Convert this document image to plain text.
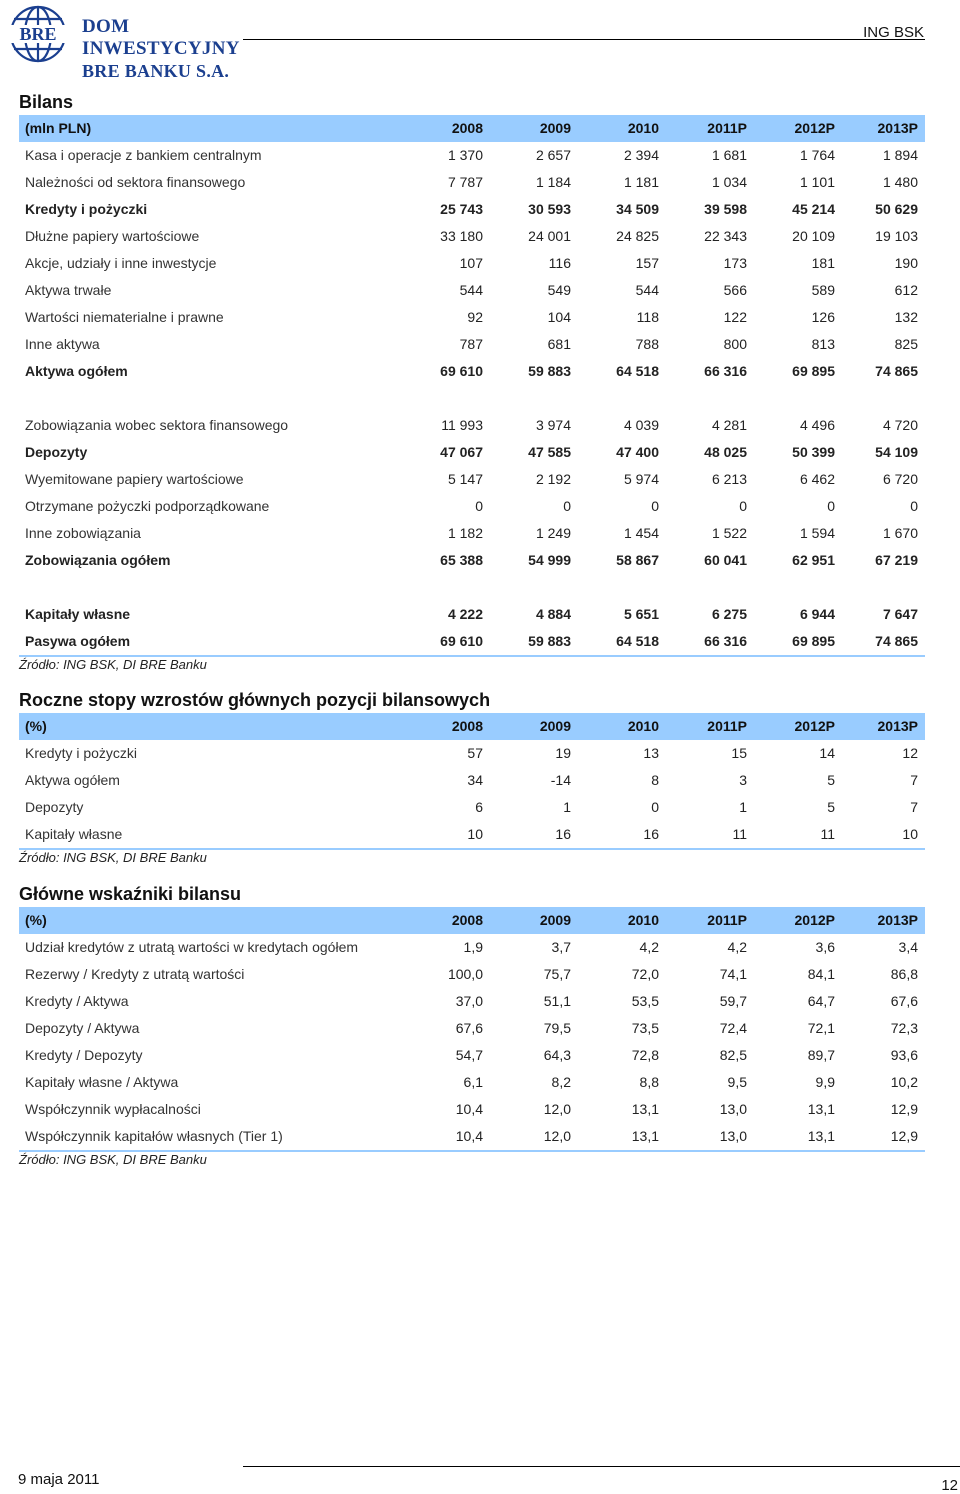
BRE DOM INWESTYCYJNY
BRE BANKU S.A.
ING BSK
Bilans
(mln PLN)	2008	2009	2010	2011P	2012P	2013P
Kasa i operacje z bankiem centralnym	1 370	2 657	2 394	1 681	1 764	1 894
Należności od sektora finansowego	7 787	1 184	1 181	1 034	1 101	1 480
Kredyty i pożyczki	25 743	30 593	34 509	39 598	45 214	50 629
Dłużne papiery wartościowe	33 180	24 001	24 825	22 343	20 109	19 103
Akcje, udziały i inne inwestycje	107	116	157	173	181	190
Aktywa trwałe	544	549	544	566	589	612
Wartości niematerialne i prawne	92	104	118	122	126	132
Inne aktywa	787	681	788	800	813	825
Aktywa ogółem	69 610	59 883	64 518	66 316	69 895	74 865

Zobowiązania wobec sektora finansowego	11 993	3 974	4 039	4 281	4 496	4 720
Depozyty	47 067	47 585	47 400	48 025	50 399	54 109
Wyemitowane papiery wartościowe	5 147	2 192	5 974	6 213	6 462	6 720
Otrzymane pożyczki podporządkowane	0	0	0	0	0	0
Inne zobowiązania	1 182	1 249	1 454	1 522	1 594	1 670
Zobowiązania ogółem	65 388	54 999	58 867	60 041	62 951	67 219

Kapitały własne	4 222	4 884	5 651	6 275	6 944	7 647
Pasywa ogółem	69 610	59 883	64 518	66 316	69 895	74 865
Źródło: ING BSK, DI BRE Banku
Roczne stopy wzrostów głównych pozycji bilansowych
(%)	2008	2009	2010	2011P	2012P	2013P
Kredyty i pożyczki	57	19	13	15	14	12
Aktywa ogółem	34	-14	8	3	5	7
Depozyty	6	1	0	1	5	7
Kapitały własne	10	16	16	11	11	10
Źródło: ING BSK, DI BRE Banku
Główne wskaźniki bilansu
(%)	2008	2009	2010	2011P	2012P	2013P
Udział kredytów z utratą wartości w kredytach ogółem	1,9	3,7	4,2	4,2	3,6	3,4
Rezerwy / Kredyty z utratą wartości	100,0	75,7	72,0	74,1	84,1	86,8
Kredyty / Aktywa	37,0	51,1	53,5	59,7	64,7	67,6
Depozyty / Aktywa	67,6	79,5	73,5	72,4	72,1	72,3
Kredyty / Depozyty	54,7	64,3	72,8	82,5	89,7	93,6
Kapitały własne / Aktywa	6,1	8,2	8,8	9,5	9,9	10,2
Współczynnik wypłacalności	10,4	12,0	13,1	13,0	13,1	12,9
Współczynnik kapitałów własnych (Tier 1)	10,4	12,0	13,1	13,0	13,1	12,9
Źródło: ING BSK, DI BRE Banku
9 maja 2011	12
